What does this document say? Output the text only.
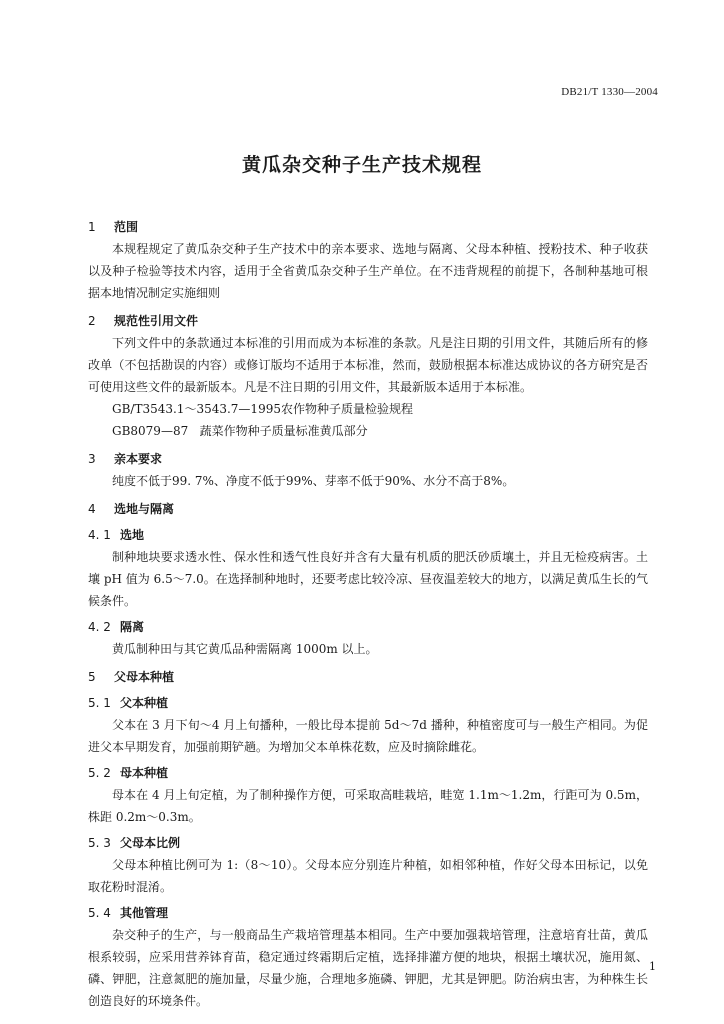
DB21/T 1330—2004
黄瓜杂交种子生产技术规程
1 范围

本规程规定了黄瓜杂交种子生产技术中的亲本要求、选地与隔离、父母本种植、授粉技术、种子收获以及种子检验等技术内容，适用于全省黄瓜杂交种子生产单位。在不违背规程的前提下，各制种基地可根据本地情况制定实施细则

2 规范性引用文件

下列文件中的条款通过本标准的引用而成为本标准的条款。凡是注日期的引用文件，其随后所有的修改单（不包括勘误的内容）或修订版均不适用于本标准，然而，鼓励根据本标准达成协议的各方研究是否可使用这些文件的最新版本。凡是不注日期的引用文件，其最新版本适用于本标准。

GB/T3543.1～3543.7—1995农作物种子质量检验规程

GB8079—87 蔬菜作物种子质量标准黄瓜部分

3 亲本要求

纯度不低于99. 7%、净度不低于99%、芽率不低于90%、水分不高于8%。

4 选地与隔离
4. 1 选地

制种地块要求透水性、保水性和透气性良好并含有大量有机质的肥沃砂质壤土，并且无检疫病害。土壤 pH 值为 6.5～7.0。在选择制种地时，还要考虑比较冷凉、昼夜温差较大的地方，以满足黄瓜生长的气候条件。

4. 2 隔离

黄瓜制种田与其它黄瓜品种需隔离 1000m 以上。

5 父母本种植
5. 1 父本种植

父本在 3 月下旬～4 月上旬播种，一般比母本提前 5d～7d 播种，种植密度可与一般生产相同。为促进父本早期发育，加强前期铲趟。为增加父本单株花数，应及时摘除雌花。

5. 2 母本种植

母本在 4 月上旬定植，为了制种操作方便，可采取高畦栽培，畦宽 1.1m～1.2m，行距可为 0.5m，株距 0.2m～0.3m。

5. 3 父母本比例

父母本种植比例可为 1:（8～10）。父母本应分别连片种植，如相邻种植，作好父母本田标记，以免取花粉时混淆。

5. 4 其他管理

杂交种子的生产，与一般商品生产栽培管理基本相同。生产中要加强栽培管理，注意培育壮苗，黄瓜根系较弱，应采用营养钵育苗，稳定通过终霜期后定植，选择排灌方便的地块，根据土壤状况，施用氮、磷、钾肥，注意氮肥的施加量，尽量少施，合理地多施磷、钾肥，尤其是钾肥。防治病虫害，为种株生长创造良好的环境条件。

1
